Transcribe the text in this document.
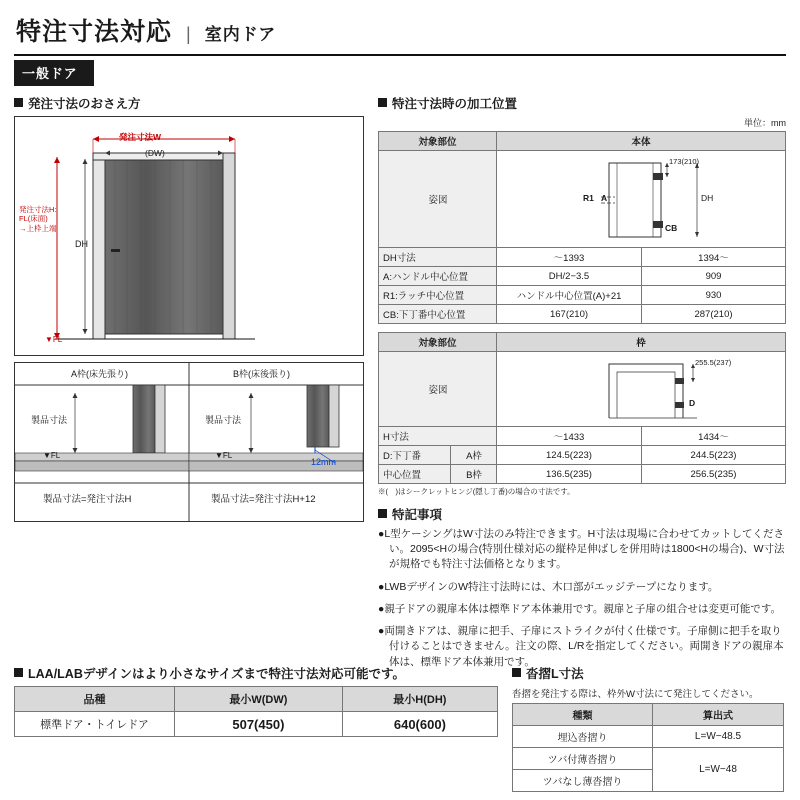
特注寸法対応 | 室内ドア
一般ドア
発注寸法のおさえ方
発注寸法W
(DW)
発注寸法H:
FL(床面)
→上枠上端
DH
▼FL
A枠(床先張り)	B枠(床後張り)
製品寸法	製品寸法
▼FL	▼FL
12mm
製品寸法=発注寸法H	製品寸法=発注寸法H+12
特注寸法時の加工位置
単位：mm
対象部位	本体	
姿図	173(210)
R1 A DH
CB	

DH寸法	～1393	1394～
A:ハンドル中心位置	DH/2−3.5	909
R1:ラッチ中心位置	ハンドル中心位置(A)+21	930
CB:下丁番中心位置	167(210)	287(210)
対象部位		枠	
姿図		255.5(237)
D	

H寸法		～1433	1434～
D:下丁番	A枠	124.5(223)	244.5(223)
中心位置	B枠	136.5(235)	256.5(235)
※(　)はシークレットヒンジ(隠し丁番)の場合の寸法です。
特記事項

●L型ケーシングはW寸法のみ特注できます。H寸法は現場に合わせてカットしてください。2095<Hの場合(特別仕様対応の縦枠足伸ばしを併用時は1800<Hの場合)、W寸法が規格でも特注寸法価格となります。

●LWBデザインのW特注寸法時には、木口部がエッジテープになります。

●親子ドアの親扉本体は標準ドア本体兼用です。親扉と子扉の組合せは変更可能です。

●両開きドアは、親扉に把手、子扉にストライクが付く仕様です。子扉側に把手を取り付けることはできません。注文の際、L/Rを指定してください。両開きドアの親扉本体は、標準ドア本体兼用です。

LAA/LABデザインはより小さなサイズまで特注寸法対応可能です。
品種	最小W(DW)	最小H(DH)
標準ドア・トイレドア	507(450)	640(600)
沓摺L寸法

沓摺を発注する際は、枠外W寸法にて発注してください。

種類	算出式
埋込沓摺り	L=W−48.5
ツバ付薄沓摺り	L=W−48
ツバなし薄沓摺り	
